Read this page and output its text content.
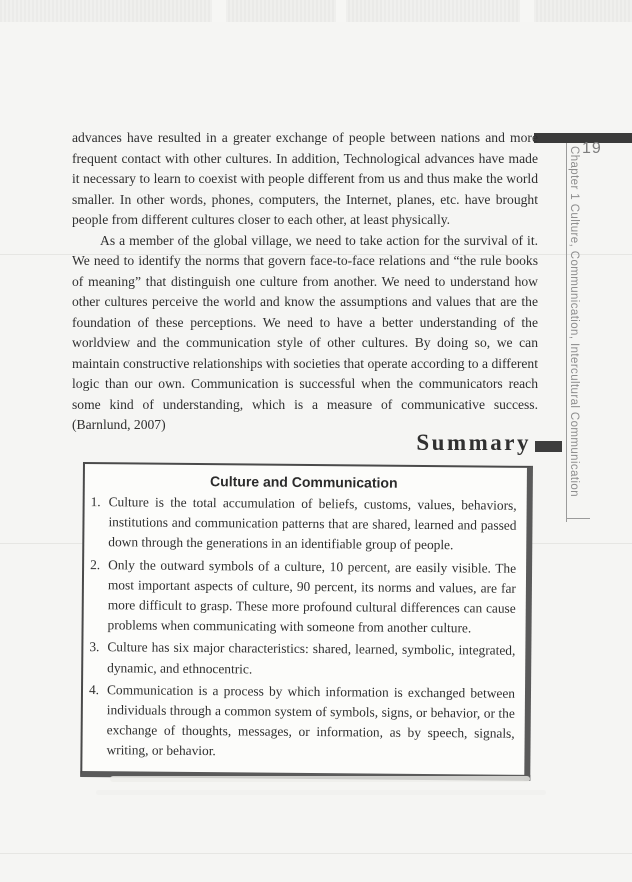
19
Chapter 1 Culture, Communication, Intercultural Communication

advances have resulted in a greater exchange of people between nations and more frequent contact with other cultures. In addition, Technological advances have made it necessary to learn to coexist with people different from us and thus make the world smaller. In other words, phones, computers, the Internet, planes, etc. have brought people from different cultures closer to each other, at least physically.

As a member of the global village, we need to take action for the survival of it. We need to identify the norms that govern face-to-face relations and “the rule books of meaning” that distinguish one culture from another. We need to understand how other cultures perceive the world and know the assumptions and values that are the foundation of these perceptions. We need to have a better understanding of the worldview and the communication style of other cultures. By doing so, we can maintain constructive relationships with societies that operate according to a different logic than our own. Communication is successful when the communicators reach some kind of understanding, which is a measure of communicative success. (Barnlund, 2007)

Summary
Culture and Communication
1. Culture is the total accumulation of beliefs, customs, values, behaviors, institutions and communication patterns that are shared, learned and passed down through the generations in an identifiable group of people.
2. Only the outward symbols of a culture, 10 percent, are easily visible. The most important aspects of culture, 90 percent, its norms and values, are far more difficult to grasp. These more profound cultural differences can cause problems when communicating with someone from another culture.
3. Culture has six major characteristics: shared, learned, symbolic, integrated, dynamic, and ethnocentric.
4. Communication is a process by which information is exchanged between individuals through a common system of symbols, signs, or behavior, or the exchange of thoughts, messages, or information, as by speech, signals, writing, or behavior.
